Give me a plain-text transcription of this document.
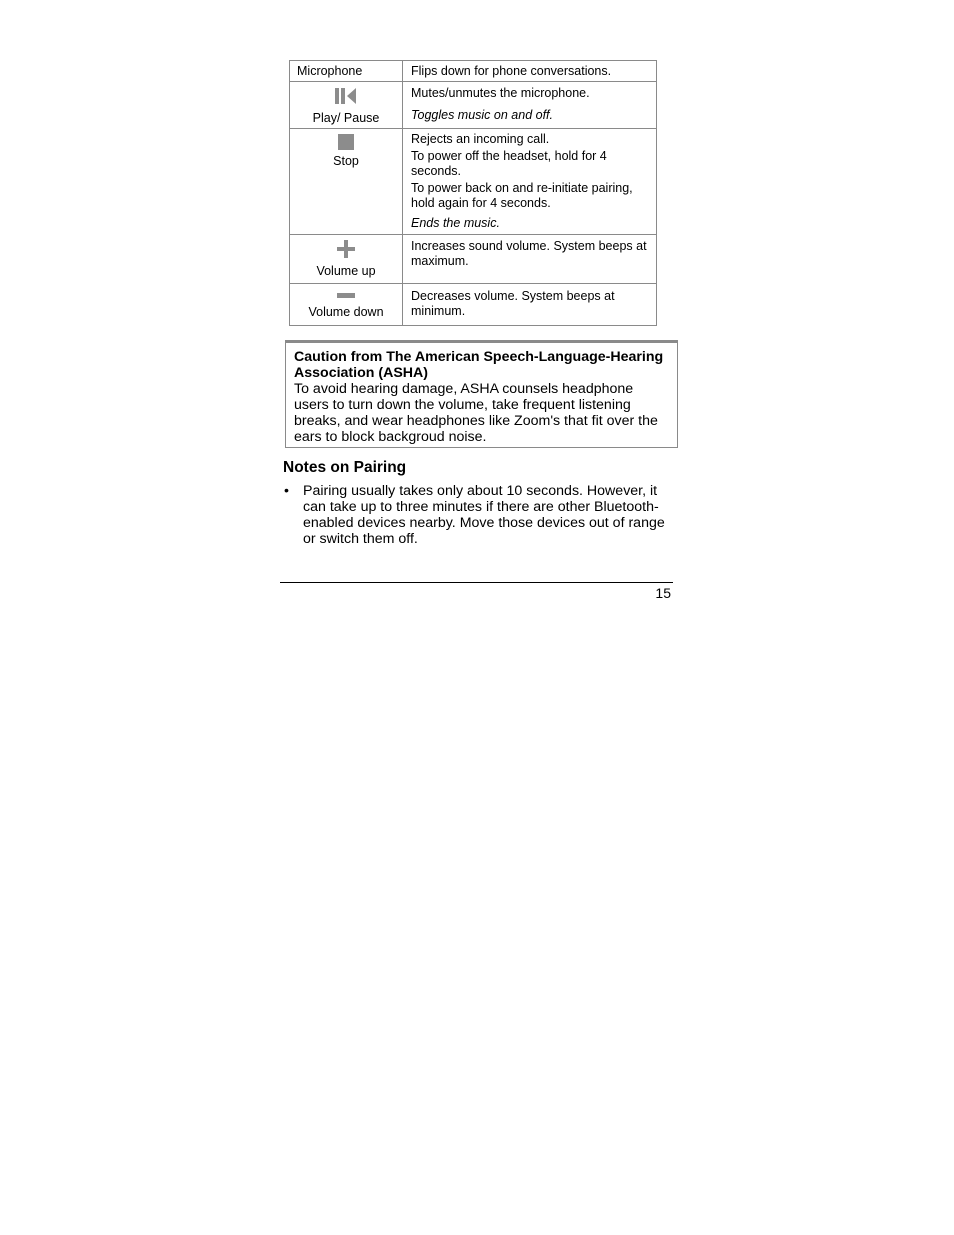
Microphone	Flips down for phone conversations.

Play/ Pause	Mutes/unmutes the microphone.
Toggles music on and off.

Stop	Rejects an incoming call.
To power off the headset, hold for 4 seconds.
To power back on and re-initiate pairing, hold again for 4 seconds.
Ends the music.

Volume up	Increases sound volume. System beeps at maximum.

Volume down	Decreases volume. System beeps at minimum.

Caution from The American Speech-Language-Hearing Association (ASHA)

To avoid hearing damage, ASHA counsels headphone users to turn down the volume, take frequent listening breaks, and wear headphones like Zoom's that fit over the ears to block backgroud noise.

Notes on Pairing
• Pairing usually takes only about 10 seconds. However, it can take up to three minutes if there are other Bluetooth-enabled devices nearby. Move those devices out of range or switch them off.
15
